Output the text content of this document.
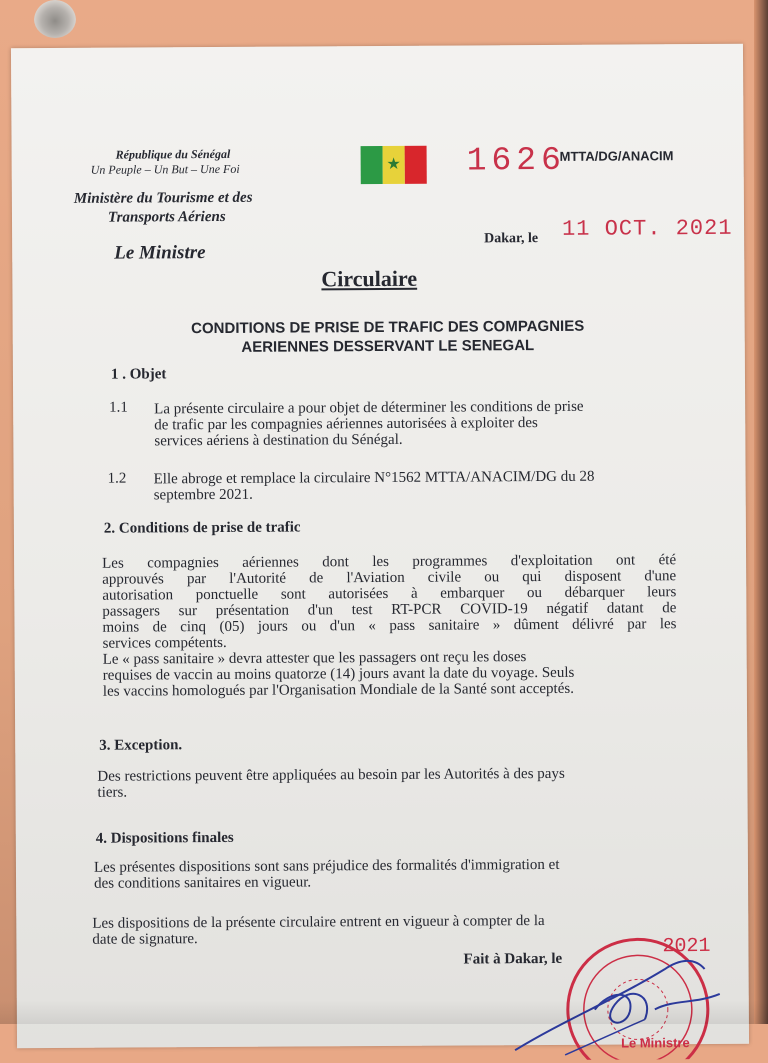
République du Sénégal
Un Peuple – Un But – Une Foi
Ministère du Tourisme et des
Transports Aériens
Le Ministre
★ 1626
MTTA/DG/ANACIM
Dakar, le 11 OCT. 2021
Circulaire
CONDITIONS DE PRISE DE TRAFIC DES COMPAGNIES
AERIENNES DESSERVANT LE SENEGAL
1 . Objet
1.1 La présente circulaire a pour objet de déterminer les conditions de prise
de trafic par les compagnies aériennes autorisées à exploiter des
services aériens à destination du Sénégal.
1.2 Elle abroge et remplace la circulaire N°1562 MTTA/ANACIM/DG du 28
septembre 2021.
2. Conditions de prise de trafic
Les compagnies aériennes dont les programmes d'exploitation ont été
approuvés par l'Autorité de l'Aviation civile ou qui disposent d'une
autorisation ponctuelle sont autorisées à embarquer ou débarquer leurs
passagers sur présentation d'un test RT-PCR COVID-19 négatif datant de
moins de cinq (05) jours ou d'un « pass sanitaire » dûment délivré par les
services compétents.
Le « pass sanitaire » devra attester que les passagers ont reçu les doses
requises de vaccin au moins quatorze (14) jours avant la date du voyage. Seuls
les vaccins homologués par l'Organisation Mondiale de la Santé sont acceptés.
3. Exception.
Des restrictions peuvent être appliquées au besoin par les Autorités à des pays
tiers.
4. Dispositions finales
Les présentes dispositions sont sans préjudice des formalités d'immigration et
des conditions sanitaires en vigueur.
Les dispositions de la présente circulaire entrent en vigueur à compter de la
date de signature.
Fait à Dakar, le
Le Ministre
2021
